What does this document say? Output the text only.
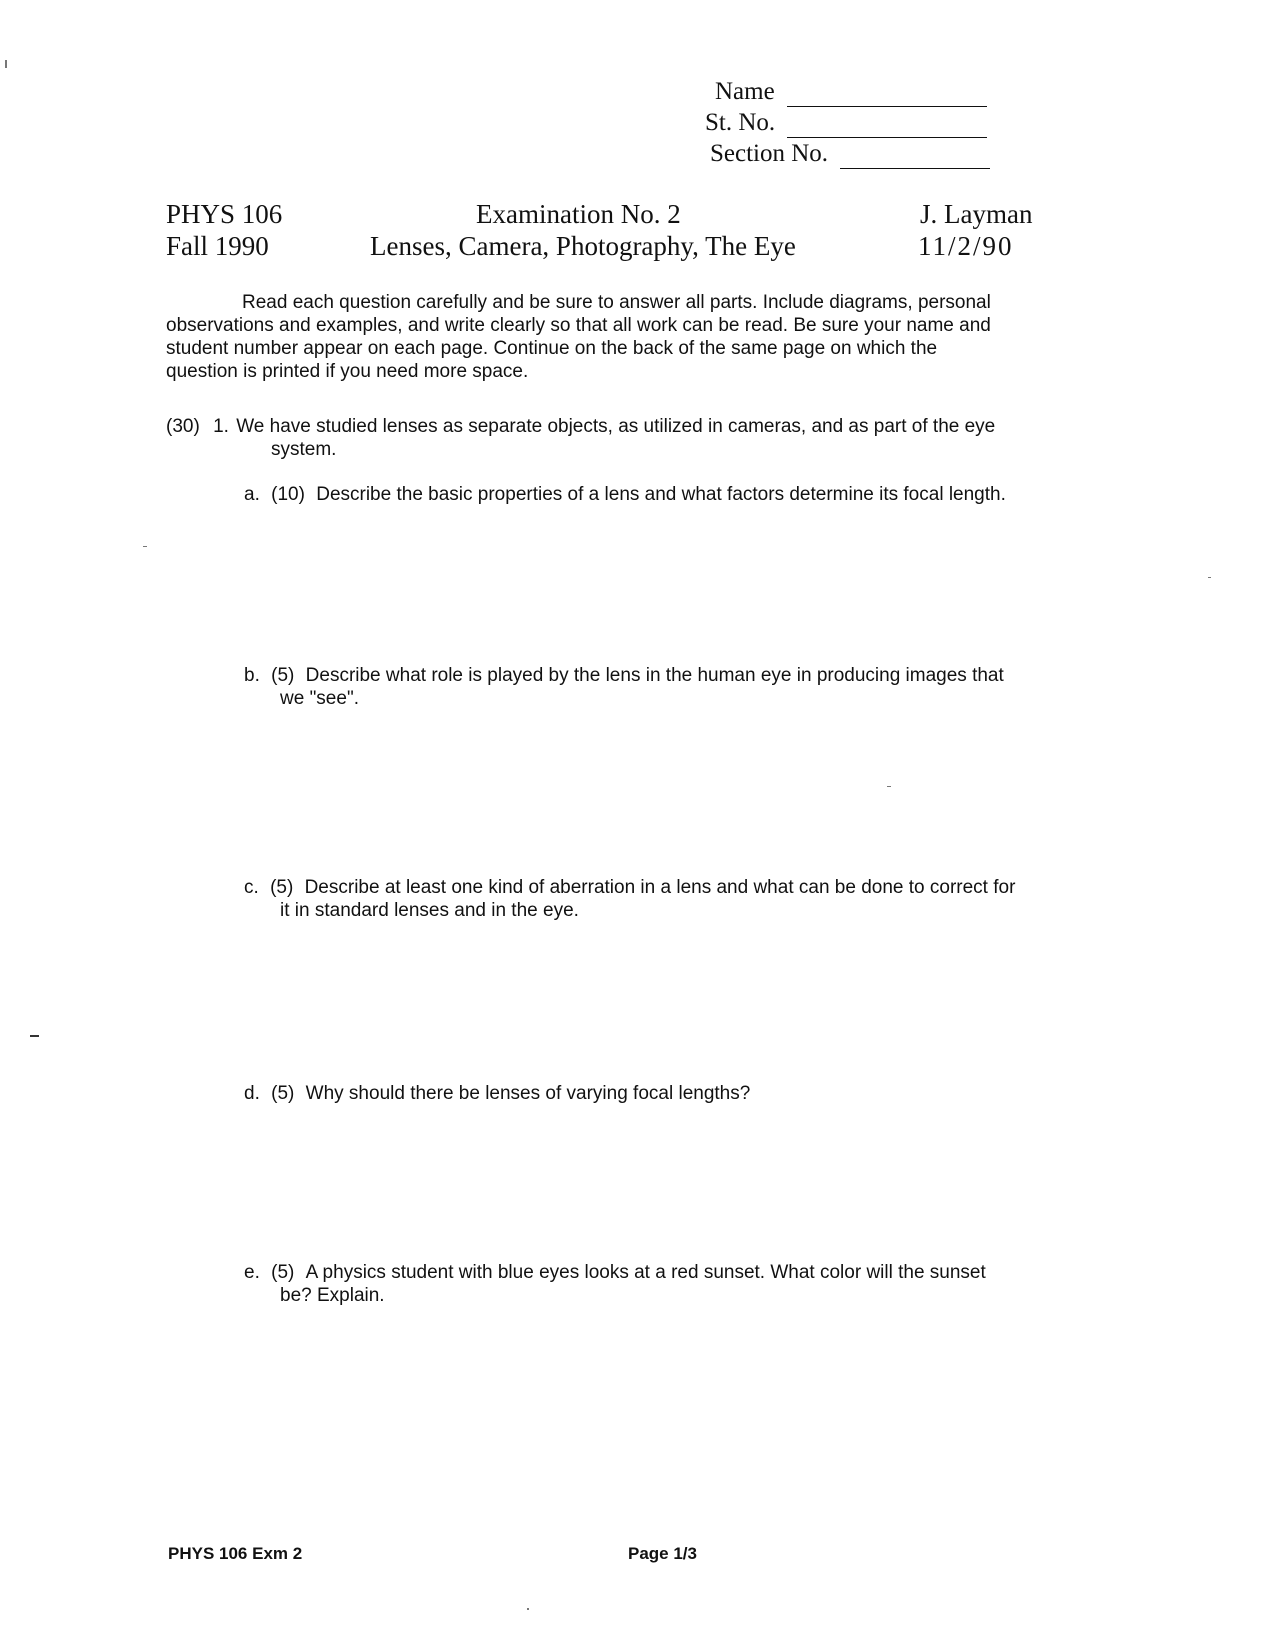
Name
St. No.
Section No.
PHYS 106
Fall 1990
Examination No. 2
Lenses, Camera, Photography, The Eye
J. Layman
11/2/90
Read each question carefully and be sure to answer all parts. Include diagrams, personal
observations and examples, and write clearly so that all work can be read. Be sure your name and
student number appear on each page. Continue on the back of the same page on which the
question is printed if you need more space.
(30) 1. We have studied lenses as separate objects, as utilized in cameras, and as part of the eye
system.
a. (10) Describe the basic properties of a lens and what factors determine its focal length.
b. (5) Describe what role is played by the lens in the human eye in producing images that
we "see".
c. (5) Describe at least one kind of aberration in a lens and what can be done to correct for
it in standard lenses and in the eye.
d. (5) Why should there be lenses of varying focal lengths?
e. (5) A physics student with blue eyes looks at a red sunset. What color will the sunset
be? Explain.
PHYS 106 Exm 2	Page 1/3
